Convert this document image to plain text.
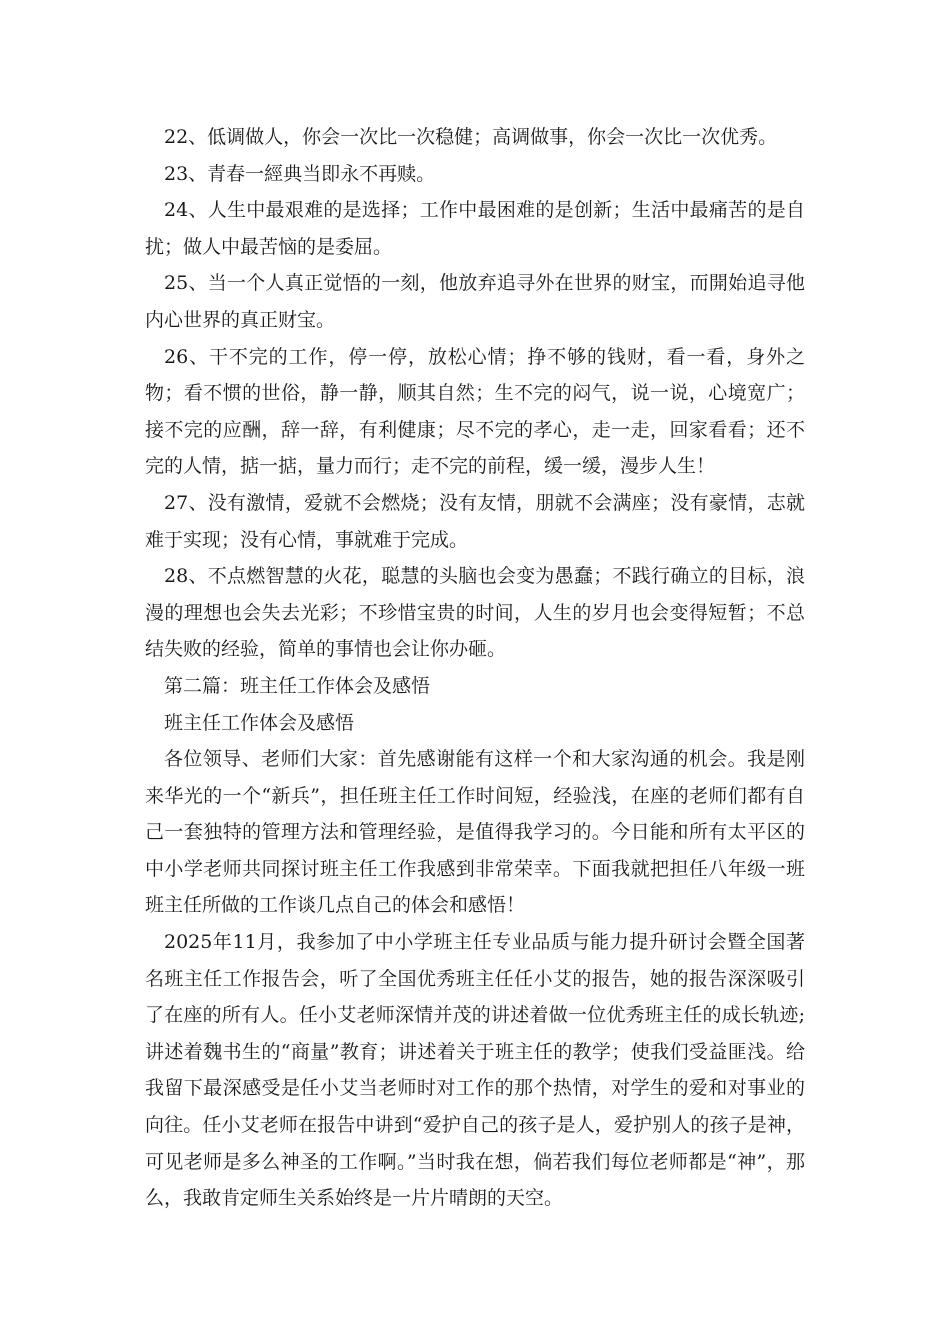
22、低调做人，你会一次比一次稳健；高调做事，你会一次比一次优秀。

23、青春一經典当即永不再赎。

24、人生中最艰难的是选择；工作中最困难的是创新；生活中最痛苦的是自扰；做人中最苦恼的是委屈。

25、当一个人真正觉悟的一刻，他放弃追寻外在世界的财宝，而開始追寻他内心世界的真正财宝。

26、干不完的工作，停一停，放松心情；挣不够的钱财，看一看，身外之物；看不惯的世俗，静一静，顺其自然；生不完的闷气，说一说，心境宽广；接不完的应酬，辞一辞，有利健康；尽不完的孝心，走一走，回家看看；还不完的人情，掂一掂，量力而行；走不完的前程，缓一缓，漫步人生！

27、没有激情，爱就不会燃烧；没有友情，朋就不会满座；没有豪情，志就难于实现；没有心情，事就难于完成。

28、不点燃智慧的火花，聪慧的头脑也会变为愚蠢；不践行确立的目标，浪漫的理想也会失去光彩；不珍惜宝贵的时间，人生的岁月也会变得短暂；不总结失败的经验，简单的事情也会让你办砸。

第二篇：班主任工作体会及感悟

班主任工作体会及感悟

各位领导、老师们大家：首先感谢能有这样一个和大家沟通的机会。我是刚来华光的一个“新兵”，担任班主任工作时间短，经验浅，在座的老师们都有自己一套独特的管理方法和管理经验，是值得我学习的。今日能和所有太平区的中小学老师共同探讨班主任工作我感到非常荣幸。下面我就把担任八年级一班班主任所做的工作谈几点自己的体会和感悟！

2025年11月，我参加了中小学班主任专业品质与能力提升研讨会暨全国著名班主任工作报告会，听了全国优秀班主任任小艾的报告，她的报告深深吸引了在座的所有人。任小艾老师深情并茂的讲述着做一位优秀班主任的成长轨迹;讲述着魏书生的“商量”教育；讲述着关于班主任的教学；使我们受益匪浅。给我留下最深感受是任小艾当老师时对工作的那个热情，对学生的爱和对事业的向往。任小艾老师在报告中讲到“爱护自己的孩子是人，爱护别人的孩子是神，可见老师是多么神圣的工作啊。”当时我在想，倘若我们每位老师都是“神”，那么，我敢肯定师生关系始终是一片片晴朗的天空。
